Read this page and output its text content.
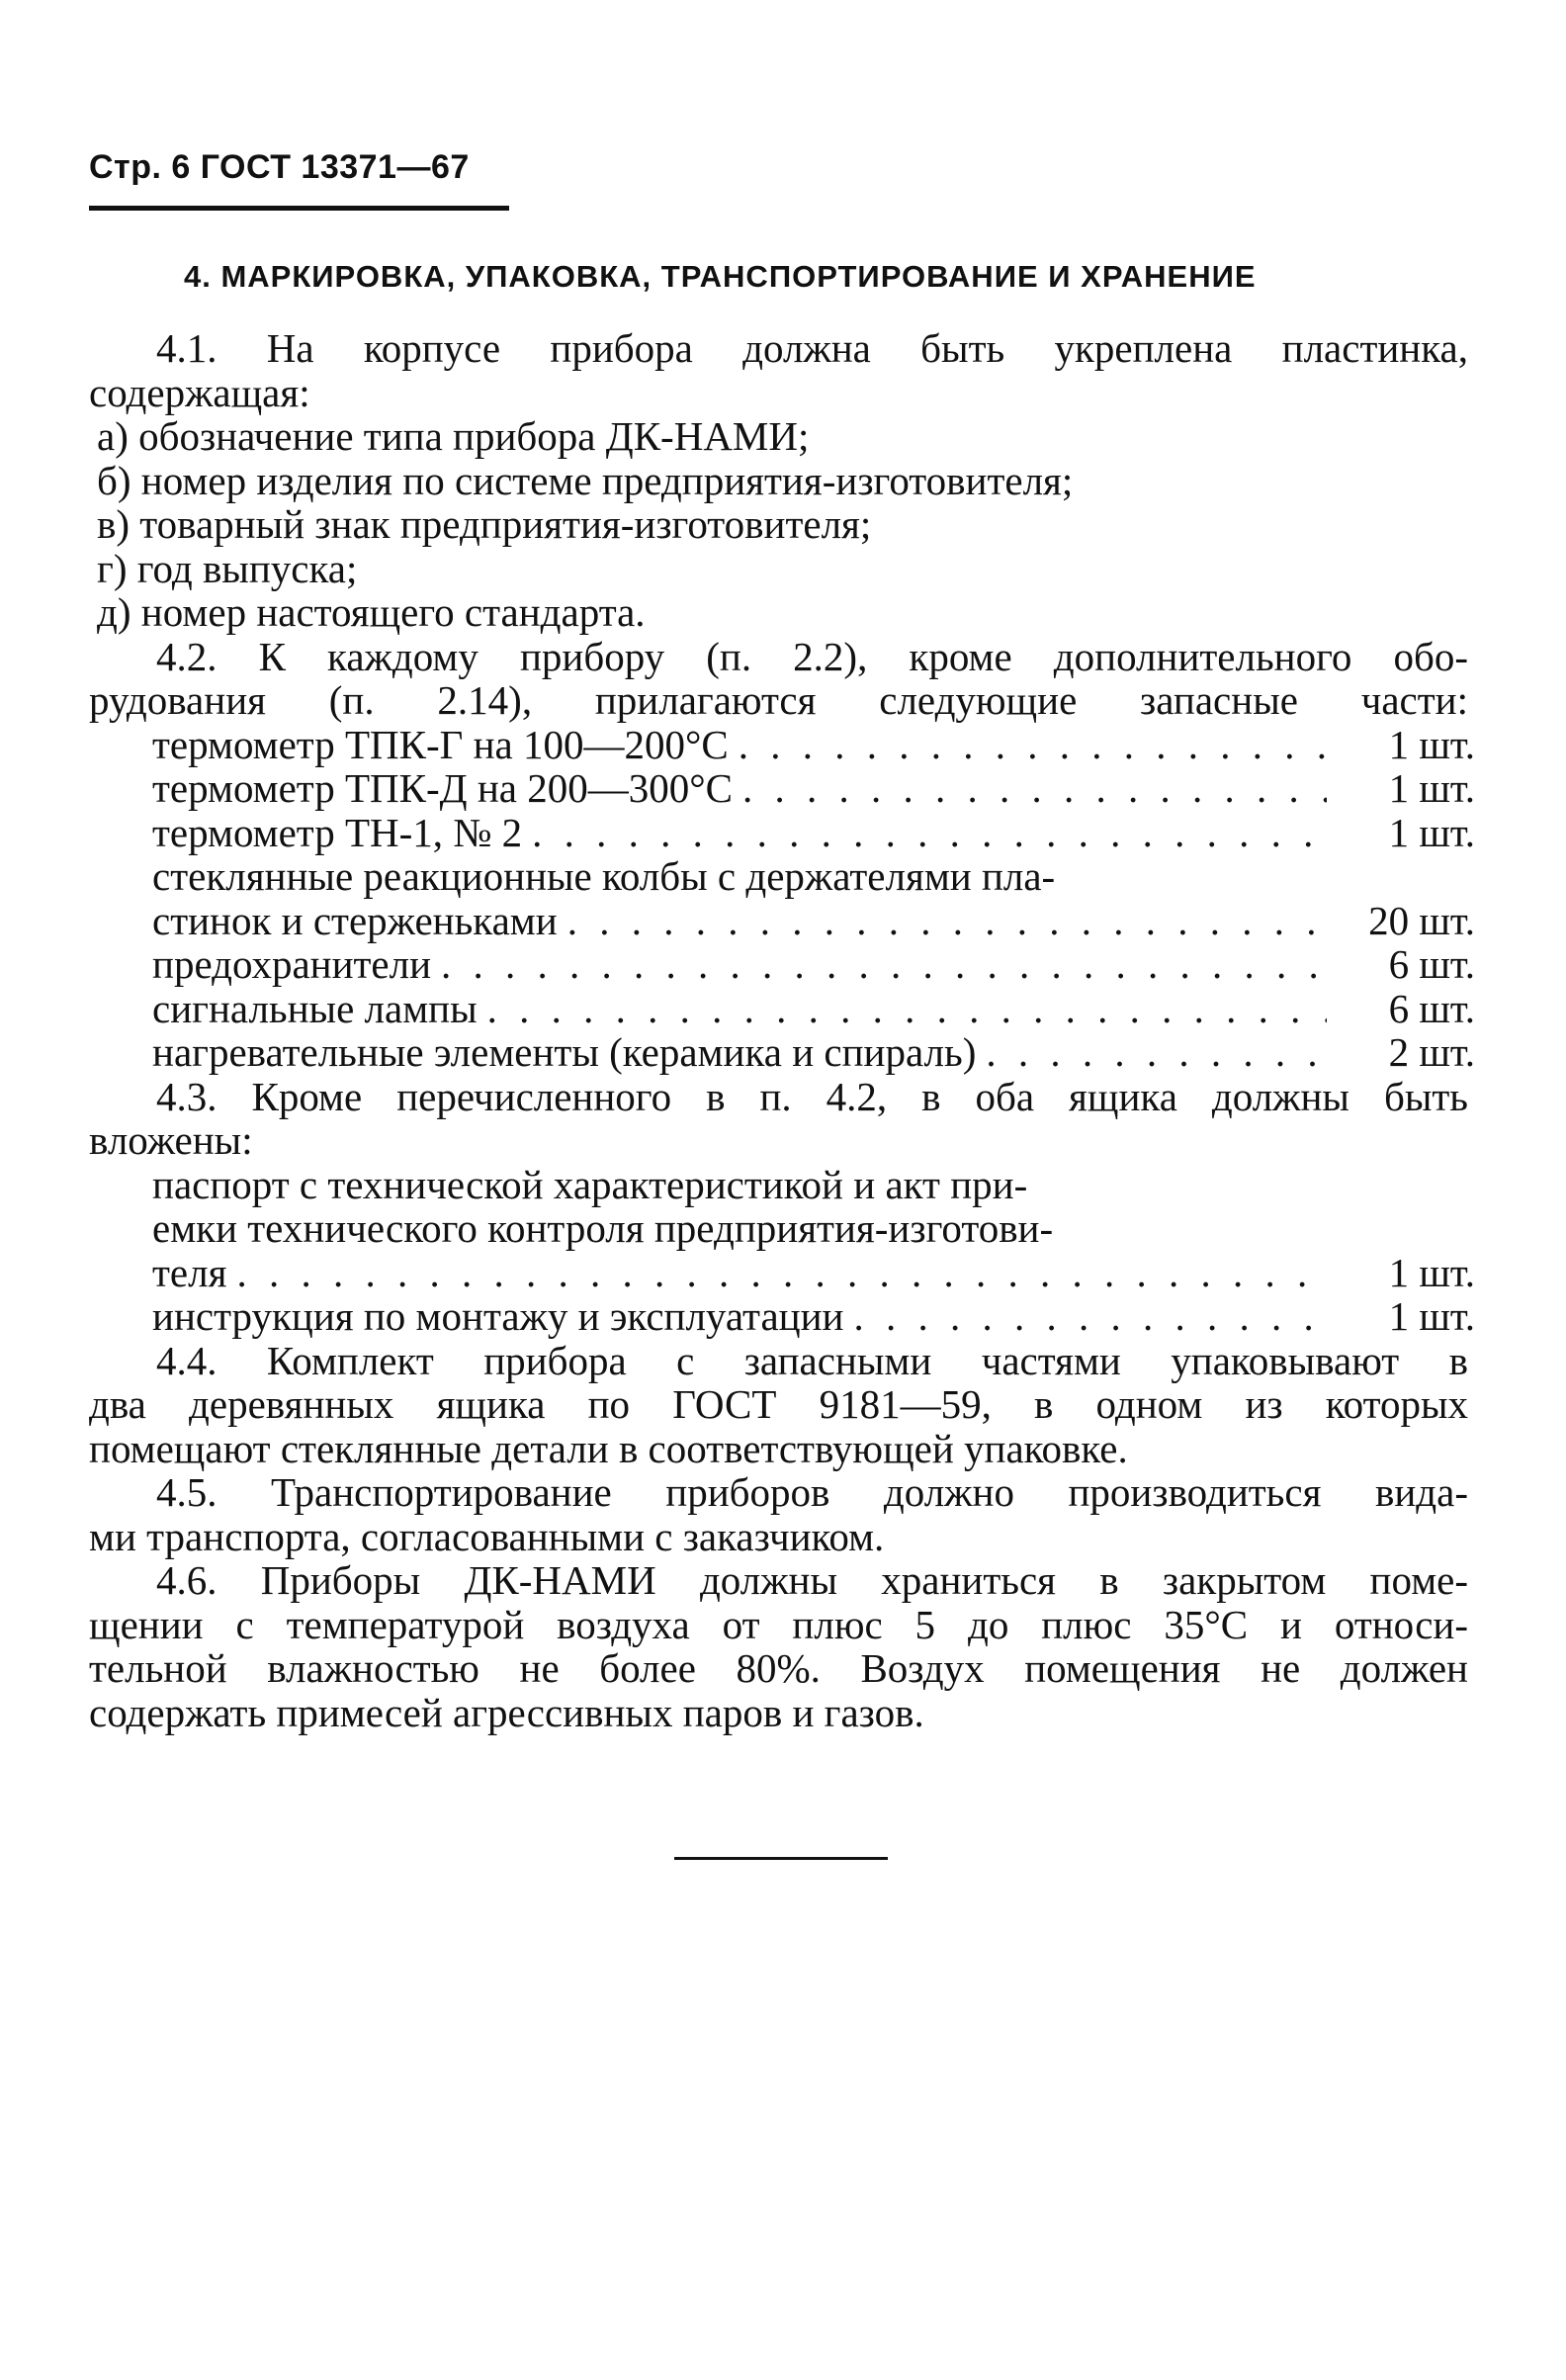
Стр. 6 ГОСТ 13371—67
4. МАРКИРОВКА, УПАКОВКА, ТРАНСПОРТИРОВАНИЕ И ХРАНЕНИЕ
4.1. На корпусе прибора должна быть укреплена пластинка,
содержащая:
а) обозначение типа прибора ДК-НАМИ;
б) номер изделия по системе предприятия-изготовителя;
в) товарный знак предприятия-изготовителя;
г) год выпуска;
д) номер настоящего стандарта.
4.2. К каждому прибору (п. 2.2), кроме дополнительного обо-
рудования (п. 2.14), прилагаются следующие запасные части:
термометр ТПК-Г на 100—200°С . . .	1 шт.
термометр ТПК-Д на 200—300°С . . .	1 шт.
термометр ТН-1, № 2 . . .	1 шт.
стеклянные реакционные колбы с держателями пла-
стинок и стерженьками . . .	20 шт.
предохранители . . .	6 шт.
сигнальные лампы . . .	6 шт.
нагревательные элементы (керамика и спираль) . . .	2 шт.
4.3. Кроме перечисленного в п. 4.2, в оба ящика должны быть
вложены:
паспорт с технической характеристикой и акт при-
емки технического контроля предприятия-изготови-
теля . . .	1 шт.
инструкция по монтажу и эксплуатации . . .	1 шт.
4.4. Комплект прибора с запасными частями упаковывают в
два деревянных ящика по ГОСТ 9181—59, в одном из которых
помещают стеклянные детали в соответствующей упаковке.
4.5. Транспортирование приборов должно производиться вида-
ми транспорта, согласованными с заказчиком.
4.6. Приборы ДК-НАМИ должны храниться в закрытом поме-
щении с температурой воздуха от плюс 5 до плюс 35°С и относи-
тельной влажностью не более 80%. Воздух помещения не должен
содержать примесей агрессивных паров и газов.
